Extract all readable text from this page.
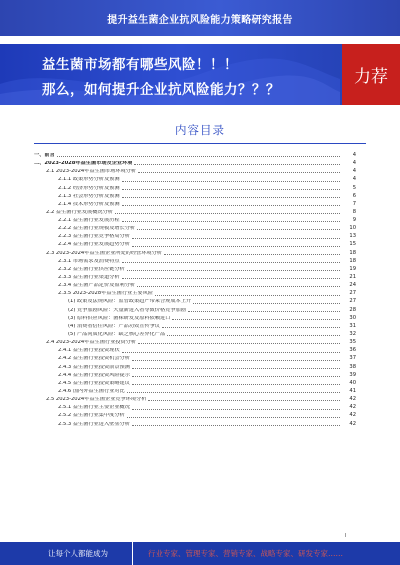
提升益生菌企业抗风险能力策略研究报告
益生菌市场都有哪些风险！！！
那么，如何提升企业抗风险能力？？？
力荐
内容目录
一、前言	4
二、2023-2028年益生菌市场及企业环境	4
2.1 2023-2024年益生菌市场环境分析	4
2.1.1 政策形势分析及预测	4
2.1.2 经济形势分析及预测	5
2.1.3 社会形势分析及预测	6
2.1.4 技术形势分析及预测	7
2.2 益生菌行业发展概况分析	8
2.2.1 益生菌行业发展历程	9
2.2.2 益生菌行业规模及增长分析	10
2.2.3 益生菌行业竞争格局分析	13
2.2.4 益生菌行业发展趋势分析	15
2.3 2023-2024年益生菌企业所处的经营环境分析	18
2.3.1 市场需求及消费特点	18
2.3.2 益生菌行业供应链分析	19
2.3.3 益生菌行业渠道分析	21
2.3.4 益生菌产品定价及盈利分析	24
2.3.5 2023-2028年益生菌行业主要风险	27
(1) 政策及法规风险：监管政策趋严带来合规成本上升	27
(2) 竞争加剧风险：大量新进入者导致价格竞争加剧	28
(3) 原料供应风险：菌株研发及原料依赖进口	30
(4) 消费者信任风险：产品功效宣传争议	31
(5) 产品同质化风险：缺乏核心差异化产品	32
2.4 2023-2024年益生菌行业投资分析	35
2.4.1 益生菌行业投资现状	36
2.4.2 益生菌行业投资机会分析	37
2.4.3 益生菌行业投资前景预测	38
2.4.4 益生菌行业投资风险提示	39
2.4.5 益生菌行业投资策略建议	40
2.4.6 国内外益生菌行业对比	41
2.5 2023-2024年益生菌企业竞争环境分析	42
2.5.1 益生菌行业主要企业概况	42
2.5.2 益生菌行业集中度分析	42
2.5.3 益生菌行业进入壁垒分析	42
I
让每个人都能成为	行业专家、管理专家、营销专家、战略专家、研发专家……
